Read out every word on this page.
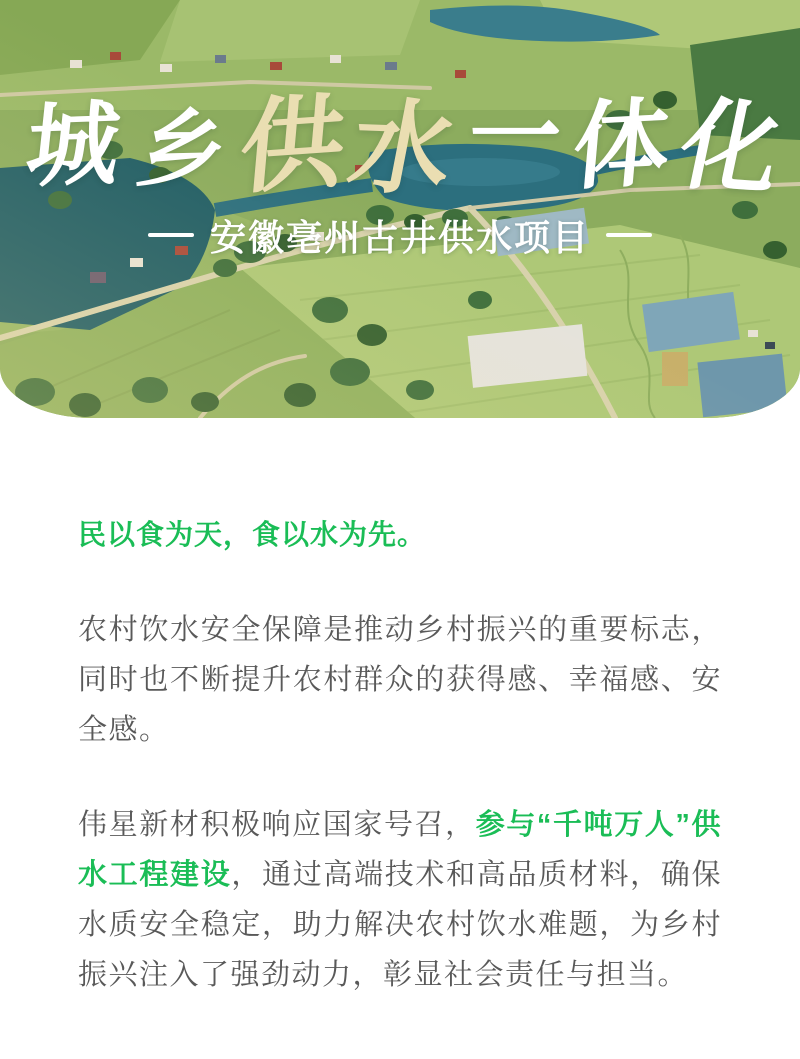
城 乡 供 水 一 体 化
安徽亳州古井供水项目

民以食为天，食以水为先。

农村饮水安全保障是推动乡村振兴的重要标志，同时也不断提升农村群众的获得感、幸福感、安全感。

伟星新材积极响应国家号召，参与“千吨万人”供水工程建设，通过高端技术和高品质材料，确保水质安全稳定，助力解决农村饮水难题，为乡村振兴注入了强劲动力，彰显社会责任与担当。
